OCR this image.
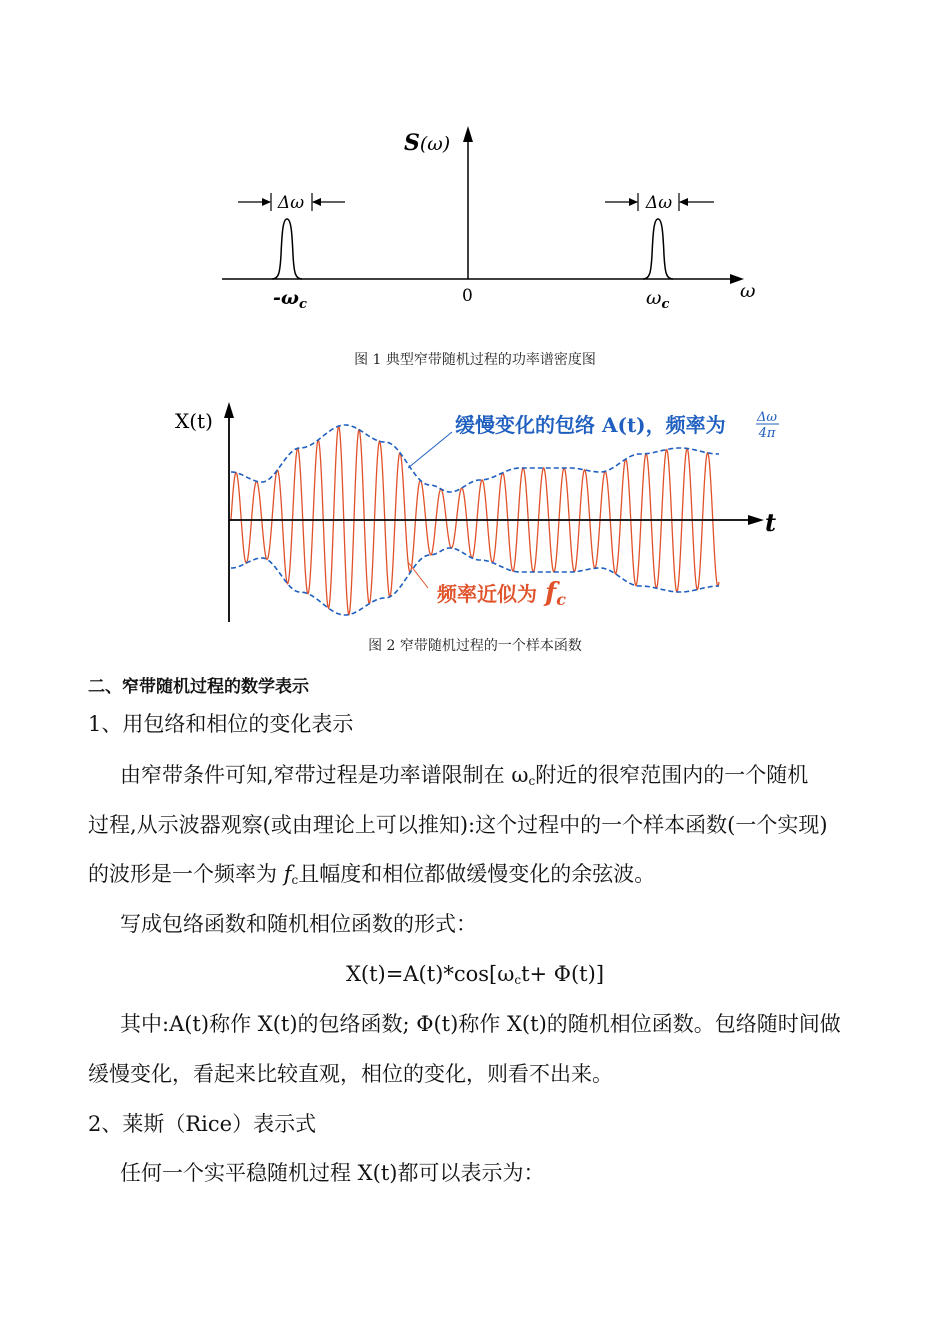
Δω	Δω
S(ω)
$-\omega_c$	0	$\omega_c$
ω
图 1 典型窄带随机过程的功率谱密度图
t
X(t)	缓慢变化的包络 A(t)，频率为 Δω
4π
频率近似为 $f_c$
图 2 窄带随机过程的一个样本函数
二、窄带随机过程的数学表示
1、用包络和相位的变化表示
由窄带条件可知,窄带过程是功率谱限制在 $\omega_c$附近的很窄范围内的一个随机
过程,从示波器观察(或由理论上可以推知):这个过程中的一个样本函数(一个实现)
的波形是一个频率为 $f_c$且幅度和相位都做缓慢变化的余弦波。
写成包络函数和随机相位函数的形式：
$X(t)=A(t)*\cos[\omega_ct+ \Phi(t)]$
其中:A(t)称作 X(t)的包络函数; Φ(t)称作 X(t)的随机相位函数。包络随时间做
缓慢变化，看起来比较直观，相位的变化，则看不出来。
2、莱斯（Rice）表示式
任何一个实平稳随机过程 X(t)都可以表示为：
